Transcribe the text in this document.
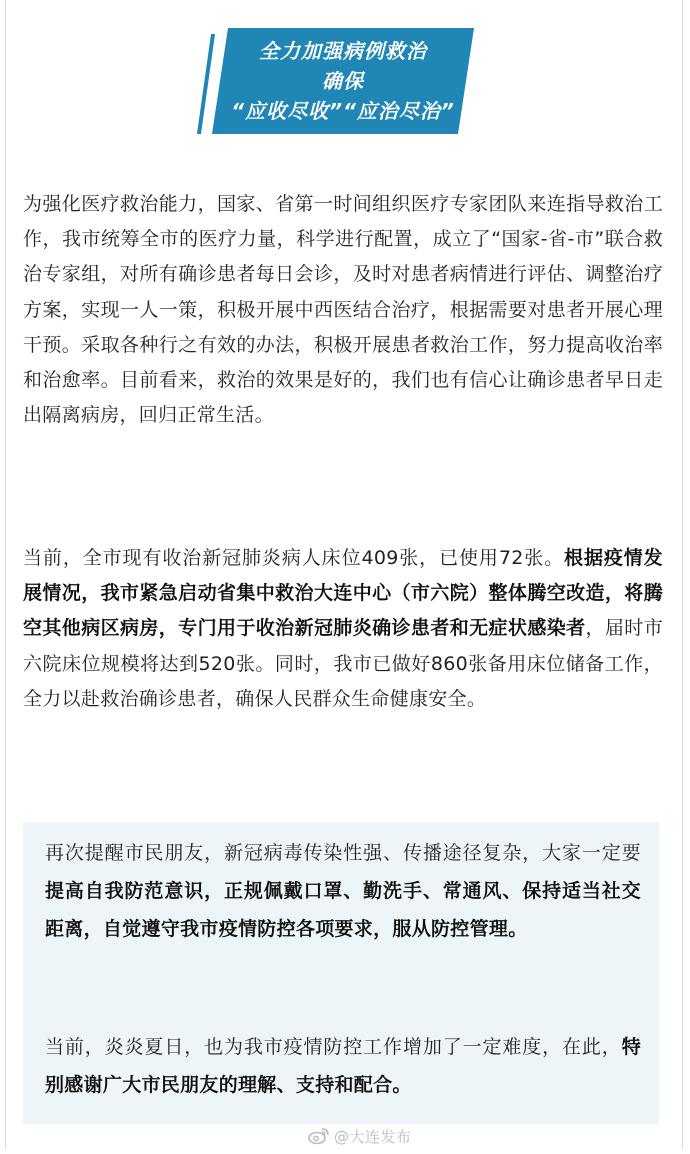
全力加强病例救治
确保
“应收尽收”“应治尽治”

为强化医疗救治能力，国家、省第一时间组织医疗专家团队来连指导救治工作，我市统筹全市的医疗力量，科学进行配置，成立了“国家-省-市”联合救治专家组，对所有确诊患者每日会诊，及时对患者病情进行评估、调整治疗方案，实现一人一策，积极开展中西医结合治疗，根据需要对患者开展心理干预。采取各种行之有效的办法，积极开展患者救治工作，努力提高收治率和治愈率。目前看来，救治的效果是好的，我们也有信心让确诊患者早日走出隔离病房，回归正常生活。

当前，全市现有收治新冠肺炎病人床位409张，已使用72张。根据疫情发展情况，我市紧急启动省集中救治大连中心（市六院）整体腾空改造，将腾空其他病区病房，专门用于收治新冠肺炎确诊患者和无症状感染者，届时市六院床位规模将达到520张。同时，我市已做好860张备用床位储备工作，全力以赴救治确诊患者，确保人民群众生命健康安全。

再次提醒市民朋友，新冠病毒传染性强、传播途径复杂，大家一定要提高自我防范意识，正规佩戴口罩、勤洗手、常通风、保持适当社交距离，自觉遵守我市疫情防控各项要求，服从防控管理。

当前，炎炎夏日，也为我市疫情防控工作增加了一定难度，在此，特别感谢广大市民朋友的理解、支持和配合。

@大连发布
